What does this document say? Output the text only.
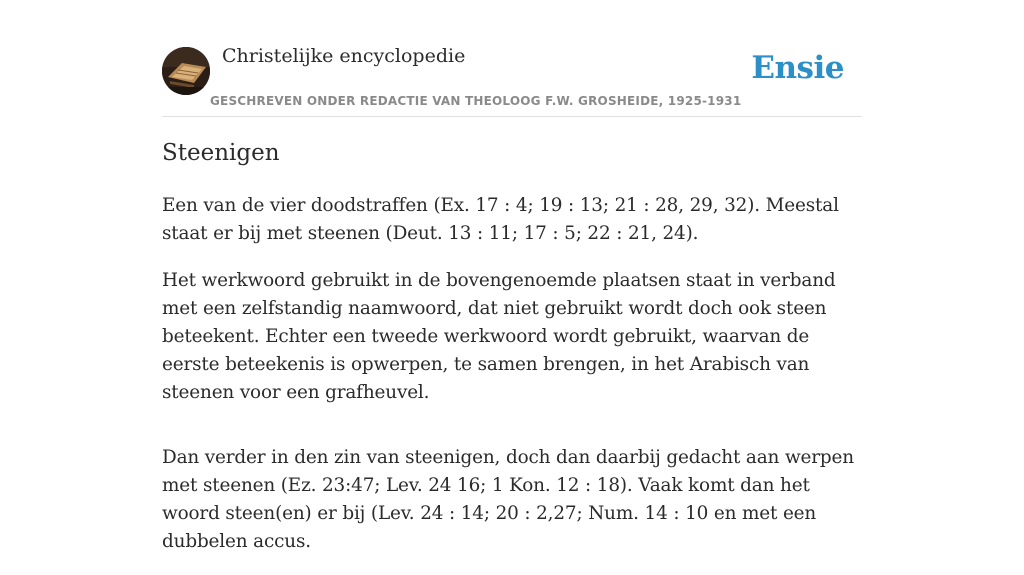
Christelijke encyclopedie
GESCHREVEN ONDER REDACTIE VAN THEOLOOG F.W. GROSHEIDE, 1925-1931
Ensie
Steenigen

Een van de vier doodstraffen (Ex. 17 : 4; 19 : 13; 21 : 28, 29, 32). Meestal staat er bij met steenen (Deut. 13 : 11; 17 : 5; 22 : 21, 24).

Het werkwoord gebruikt in de bovengenoemde plaatsen staat in verband met een zelfstandig naamwoord, dat niet gebruikt wordt doch ook steen beteekent. Echter een tweede werkwoord wordt gebruikt, waarvan de eerste beteekenis is opwerpen, te samen brengen, in het Arabisch van steenen voor een grafheuvel.

Dan verder in den zin van steenigen, doch dan daarbij gedacht aan werpen met steenen (Ez. 23:47; Lev. 24 16; 1 Kon. 12 : 18). Vaak komt dan het woord steen(en) er bij (Lev. 24 : 14; 20 : 2,27; Num. 14 : 10 en met een dubbelen accus.
